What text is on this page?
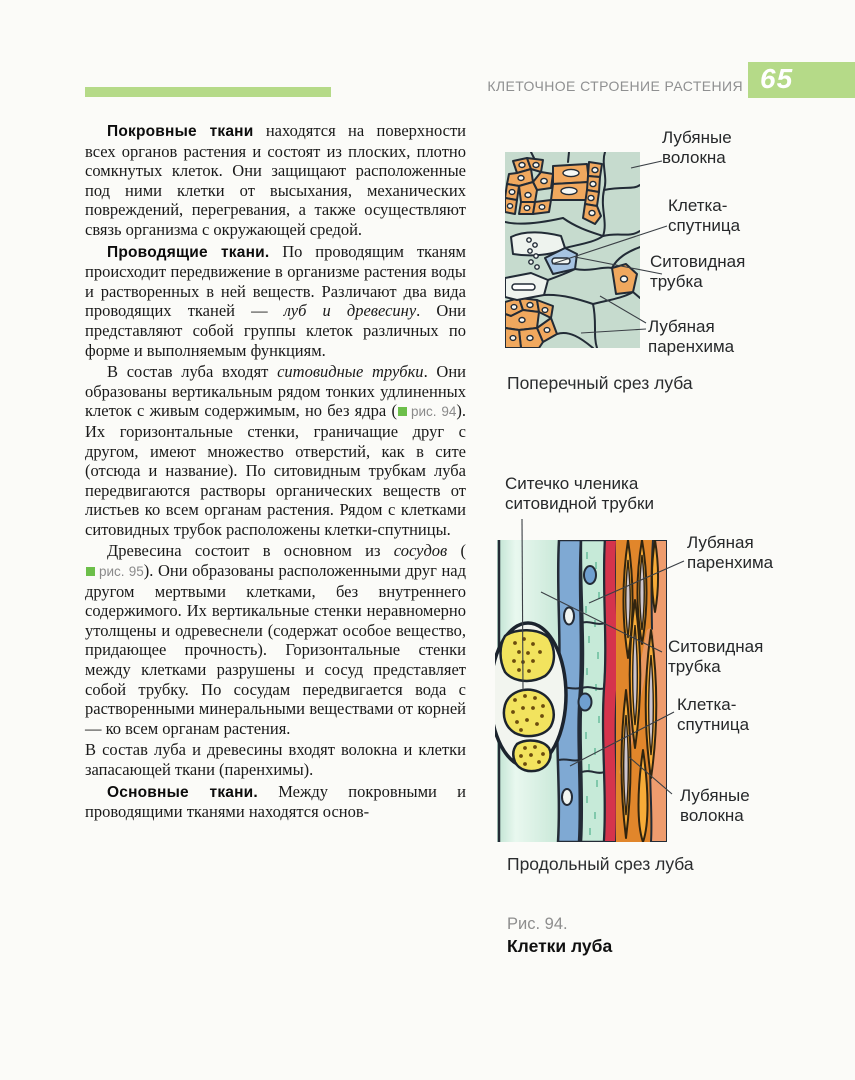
КЛЕТОЧНОЕ СТРОЕНИЕ РАСТЕНИЯ 65

Покровные ткани находятся на поверхности всех органов растения и состоят из плоских, плотно сомкнутых клеток. Они защищают расположенные под ними клетки от высыхания, механических повреждений, перегревания, а также осуществляют связь организма с окружающей средой.

Проводящие ткани. По проводящим тканям происходит передвижение в организме растения воды и растворенных в ней веществ. Различают два вида проводящих тканей — луб и древесину. Они представляют собой группы клеток различных по форме и выполняемым функциям.

В состав луба входят ситовидные трубки. Они образованы вертикальным рядом тонких удлиненных клеток с живым содержимым, но без ядра ( рис. 94). Их горизонтальные стенки, граничащие друг с другом, имеют множество отверстий, как в сите (отсюда и название). По ситовидным трубкам луба передвигаются растворы органических веществ от листьев ко всем органам растения. Рядом с клетками ситовидных трубок расположены клетки-спутницы.

Древесина состоит в основном из сосудов (рис. 95). Они образованы расположенными друг над другом мертвыми клетками, без внутреннего содержимого. Их вертикальные стенки неравномерно утолщены и одревеснели (содержат особое вещество, придающее прочность). Горизонтальные стенки между клетками разрушены и сосуд представляет собой трубку. По сосудам передвигается вода с растворенными минеральными веществами от корней — ко всем органам растения.

В состав луба и древесины входят волокна и клетки запасающей ткани (паренхимы).

Основные ткани. Между покровными и проводящими тканями находятся основ-

Лубяные волокна
Клетка-спутница
Ситовидная трубка
Лубяная паренхима
Поперечный срез луба
Ситечко членика ситовидной трубки
Лубяная паренхима
Ситовидная трубка
Клетка-спутница
Лубяные волокна
Продольный срез луба
Рис. 94.
Клетки луба
